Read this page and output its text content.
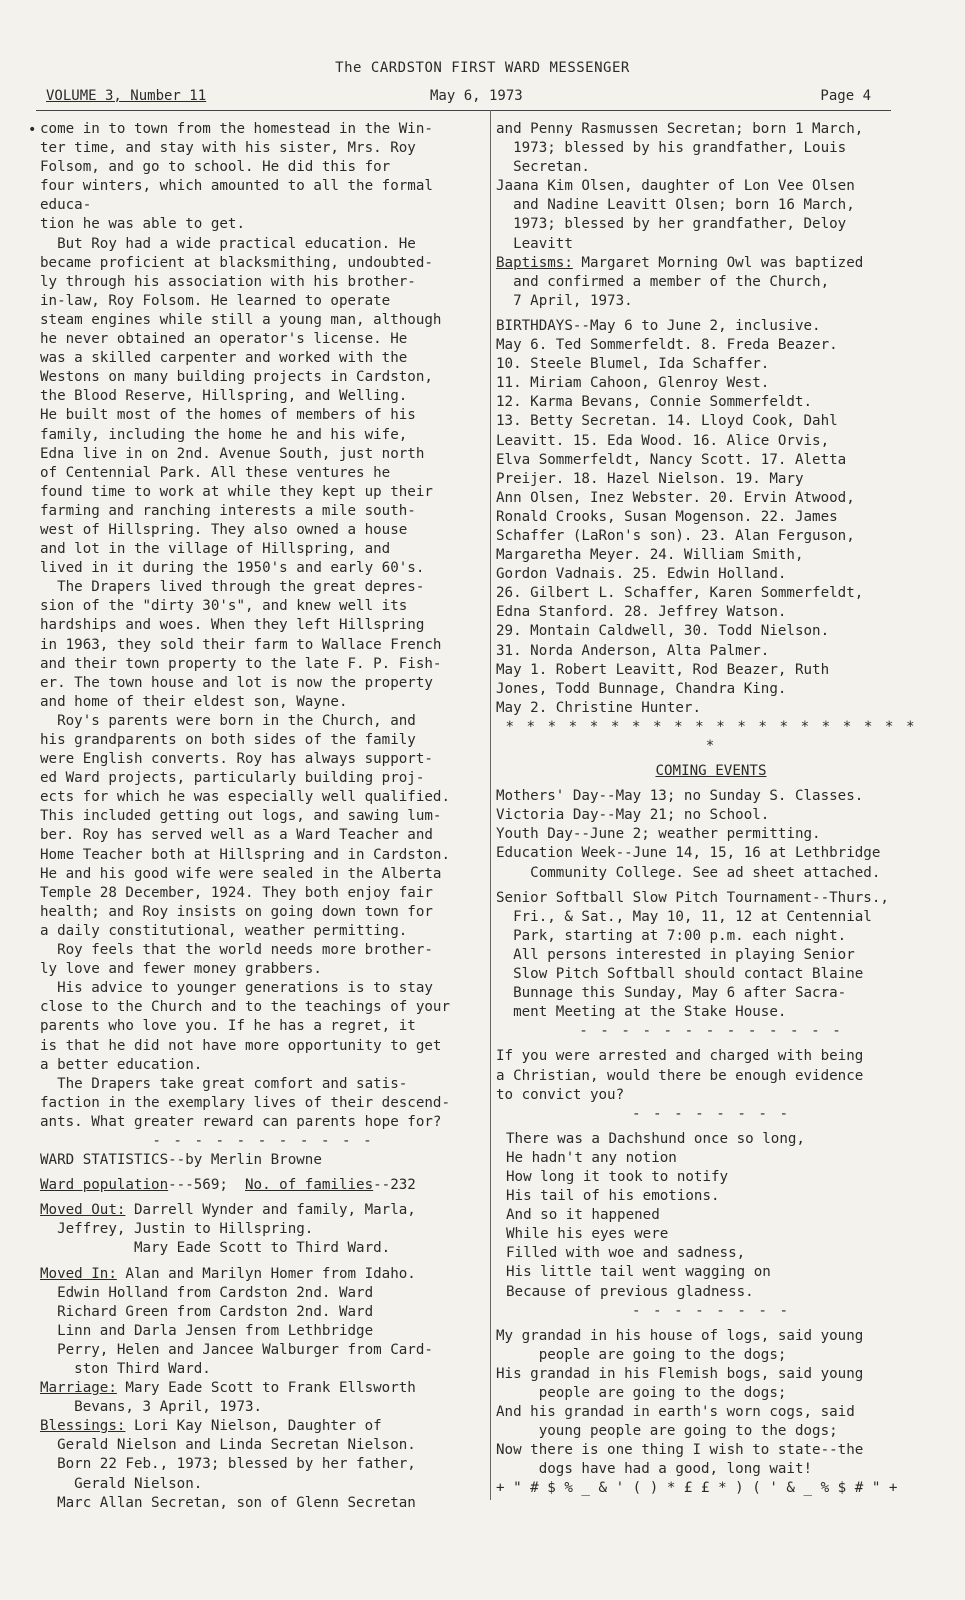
The CARDSTON FIRST WARD MESSENGER
VOLUME 3, Number 11	May 6, 1973	Page 4
• come in to town from the homestead in the Win-

ter time, and stay with his sister, Mrs. Roy

Folsom, and go to school. He did this for

four winters, which amounted to all the formal educa-

tion he was able to get.

But Roy had a wide practical education. He

became proficient at blacksmithing, undoubted-

ly through his association with his brother-

in-law, Roy Folsom. He learned to operate

steam engines while still a young man, although

he never obtained an operator's license. He

was a skilled carpenter and worked with the

Westons on many building projects in Cardston,

the Blood Reserve, Hillspring, and Welling.

He built most of the homes of members of his

family, including the home he and his wife,

Edna live in on 2nd. Avenue South, just north

of Centennial Park. All these ventures he

found time to work at while they kept up their

farming and ranching interests a mile south-

west of Hillspring. They also owned a house

and lot in the village of Hillspring, and

lived in it during the 1950's and early 60's.

The Drapers lived through the great depres-

sion of the "dirty 30's", and knew well its

hardships and woes. When they left Hillspring

in 1963, they sold their farm to Wallace French

and their town property to the late F. P. Fish-

er. The town house and lot is now the property

and home of their eldest son, Wayne.

Roy's parents were born in the Church, and

his grandparents on both sides of the family

were English converts. Roy has always support-

ed Ward projects, particularly building proj-

ects for which he was especially well qualified.

This included getting out logs, and sawing lum-

ber. Roy has served well as a Ward Teacher and

Home Teacher both at Hillspring and in Cardston.

He and his good wife were sealed in the Alberta

Temple 28 December, 1924. They both enjoy fair

health; and Roy insists on going down town for

a daily constitutional, weather permitting.

Roy feels that the world needs more brother-

ly love and fewer money grabbers.

His advice to younger generations is to stay

close to the Church and to the teachings of your

parents who love you. If he has a regret, it

is that he did not have more opportunity to get

a better education.

The Drapers take great comfort and satis-

faction in the exemplary lives of their descend-

ants. What greater reward can parents hope for?

- - - - - - - - - - -

WARD STATISTICS--by Merlin Browne

Ward population---569; No. of families--232

Moved Out: Darrell Wynder and family, Marla,

Jeffrey, Justin to Hillspring.

Mary Eade Scott to Third Ward.

Moved In: Alan and Marilyn Homer from Idaho.

Edwin Holland from Cardston 2nd. Ward

Richard Green from Cardston 2nd. Ward

Linn and Darla Jensen from Lethbridge

Perry, Helen and Jancee Walburger from Card-

ston Third Ward.

Marriage: Mary Eade Scott to Frank Ellsworth

Bevans, 3 April, 1973.

Blessings: Lori Kay Nielson, Daughter of

Gerald Nielson and Linda Secretan Nielson.

Born 22 Feb., 1973; blessed by her father,

Gerald Nielson.

Marc Allan Secretan, son of Glenn Secretan

and Penny Rasmussen Secretan; born 1 March,

1973; blessed by his grandfather, Louis

Secretan.

Jaana Kim Olsen, daughter of Lon Vee Olsen

and Nadine Leavitt Olsen; born 16 March,

1973; blessed by her grandfather, Deloy

Leavitt

Baptisms: Margaret Morning Owl was baptized

and confirmed a member of the Church,

7 April, 1973.

BIRTHDAYS--May 6 to June 2, inclusive.

May 6. Ted Sommerfeldt. 8. Freda Beazer.

10. Steele Blumel, Ida Schaffer.

11. Miriam Cahoon, Glenroy West.

12. Karma Bevans, Connie Sommerfeldt.

13. Betty Secretan. 14. Lloyd Cook, Dahl

Leavitt. 15. Eda Wood. 16. Alice Orvis,

Elva Sommerfeldt, Nancy Scott. 17. Aletta

Preijer. 18. Hazel Nielson. 19. Mary

Ann Olsen, Inez Webster. 20. Ervin Atwood,

Ronald Crooks, Susan Mogenson. 22. James

Schaffer (LaRon's son). 23. Alan Ferguson,

Margaretha Meyer. 24. William Smith,

Gordon Vadnais. 25. Edwin Holland.

26. Gilbert L. Schaffer, Karen Sommerfeldt,

Edna Stanford. 28. Jeffrey Watson.

29. Montain Caldwell, 30. Todd Nielson.

31. Norda Anderson, Alta Palmer.

May 1. Robert Leavitt, Rod Beazer, Ruth

Jones, Todd Bunnage, Chandra King.

May 2. Christine Hunter.

* * * * * * * * * * * * * * * * * * * * *

COMING EVENTS

Mothers' Day--May 13; no Sunday S. Classes.

Victoria Day--May 21; no School.

Youth Day--June 2; weather permitting.

Education Week--June 14, 15, 16 at Lethbridge

Community College. See ad sheet attached.

Senior Softball Slow Pitch Tournament--Thurs.,

Fri., & Sat., May 10, 11, 12 at Centennial

Park, starting at 7:00 p.m. each night.

All persons interested in playing Senior

Slow Pitch Softball should contact Blaine

Bunnage this Sunday, May 6 after Sacra-

ment Meeting at the Stake House.

- - - - - - - - - - - - -

If you were arrested and charged with being

a Christian, would there be enough evidence

to convict you?

- - - - - - - -

There was a Dachshund once so long,

He hadn't any notion

How long it took to notify

His tail of his emotions.

And so it happened

While his eyes were

Filled with woe and sadness,

His little tail went wagging on

Because of previous gladness.

- - - - - - - -

My grandad in his house of logs, said young

people are going to the dogs;

His grandad in his Flemish bogs, said young

people are going to the dogs;

And his grandad in earth's worn cogs, said

young people are going to the dogs;

Now there is one thing I wish to state--the

dogs have had a good, long wait!

+ " # $ % _ & ' ( ) * £ £ * ) ( ' & _ % $ # " +
